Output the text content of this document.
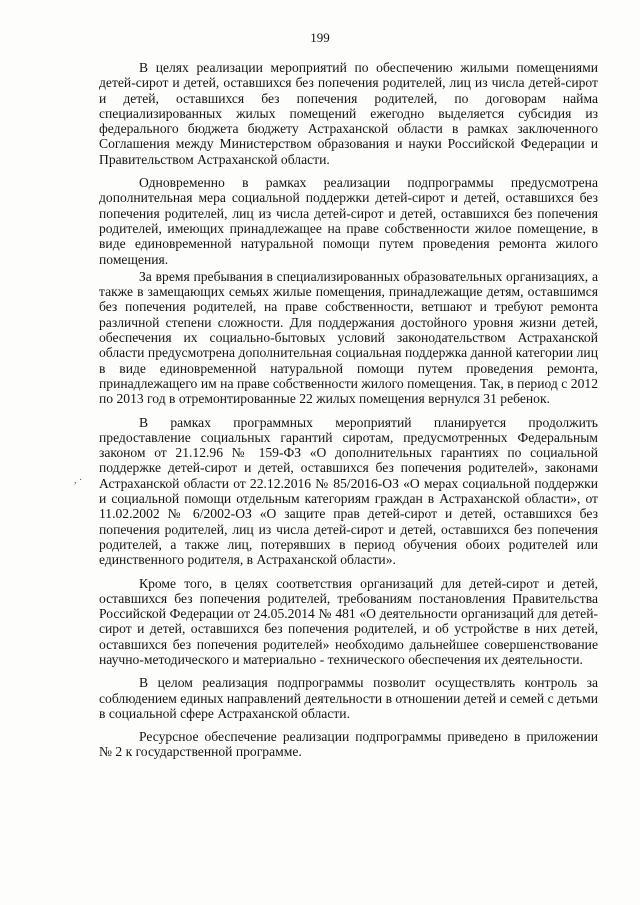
199
, ·

В целях реализации мероприятий по обеспечению жилыми помещениями детей-сирот и детей, оставшихся без попечения родителей, лиц из числа детей-сирот и детей, оставшихся без попечения родителей, по договорам найма специализированных жилых помещений ежегодно выделяется субсидия из федерального бюджета бюджету Астраханской области в рамках заключенного Соглашения между Министерством образования и науки Российской Федерации и Правительством Астраханской области.

Одновременно в рамках реализации подпрограммы предусмотрена дополнительная мера социальной поддержки детей-сирот и детей, оставшихся без попечения родителей, лиц из числа детей-сирот и детей, оставшихся без попечения родителей, имеющих принадлежащее на праве собственности жилое помещение, в виде единовременной натуральной помощи путем проведения ремонта жилого помещения.

За время пребывания в специализированных образовательных организациях, а также в замещающих семьях жилые помещения, принадлежащие детям, оставшимся без попечения родителей, на праве собственности, ветшают и требуют ремонта различной степени сложности. Для поддержания достойного уровня жизни детей, обеспечения их социально-бытовых условий законодательством Астраханской области предусмотрена дополнительная социальная поддержка данной категории лиц в виде единовременной натуральной помощи путем проведения ремонта, принадлежащего им на праве собственности жилого помещения. Так, в период с 2012 по 2013 год в отремонтированные 22 жилых помещения вернулся 31 ребенок.

В рамках программных мероприятий планируется продолжить предоставление социальных гарантий сиротам, предусмотренных Федеральным законом от 21.12.96 № 159-ФЗ «О дополнительных гарантиях по социальной поддержке детей-сирот и детей, оставшихся без попечения родителей», законами Астраханской области от 22.12.2016 № 85/2016-ОЗ «О мерах социальной поддержки и социальной помощи отдельным категориям граждан в Астраханской области», от 11.02.2002 № 6/2002-ОЗ «О защите прав детей-сирот и детей, оставшихся без попечения родителей, лиц из числа детей-сирот и детей, оставшихся без попечения родителей, а также лиц, потерявших в период обучения обоих родителей или единственного родителя, в Астраханской области».

Кроме того, в целях соответствия организаций для детей-сирот и детей, оставшихся без попечения родителей, требованиям постановления Правительства Российской Федерации от 24.05.2014 № 481 «О деятельности организаций для детей-сирот и детей, оставшихся без попечения родителей, и об устройстве в них детей, оставшихся без попечения родителей» необходимо дальнейшее совершенствование научно-методического и материально - технического обеспечения их деятельности.

В целом реализация подпрограммы позволит осуществлять контроль за соблюдением единых направлений деятельности в отношении детей и семей с детьми в социальной сфере Астраханской области.

Ресурсное обеспечение реализации подпрограммы приведено в приложении № 2 к государственной программе.
